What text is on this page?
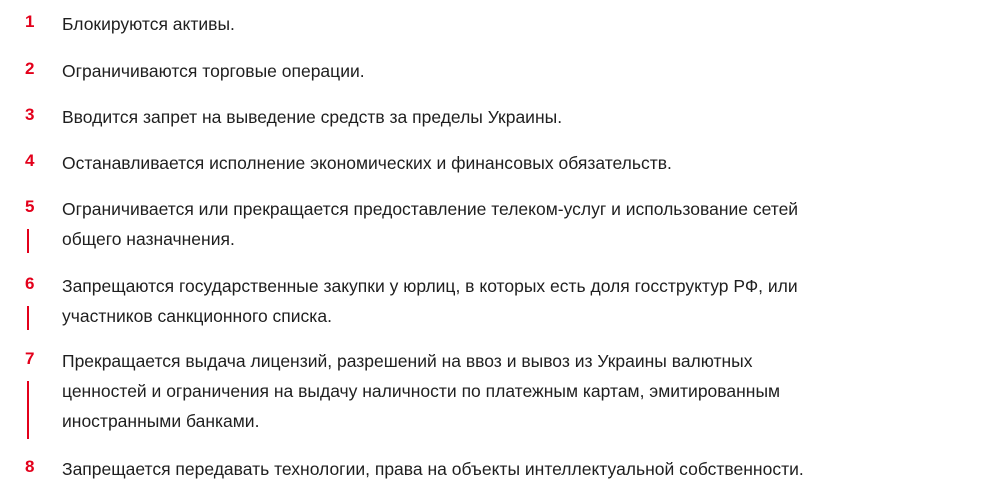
1	Блокируются активы.
2	Ограничиваются торговые операции.
3	Вводится запрет на выведение средств за пределы Украины.
4	Останавливается исполнение экономических и финансовых обязательств.
5	Ограничивается или прекращается предоставление телеком-услуг и использование сетей
общего назначнения.
6	Запрещаются государственные закупки у юрлиц, в которых есть доля госструктур РФ, или
участников санкционного списка.
7	Прекращается выдача лицензий, разрешений на ввоз и вывоз из Украины валютных
ценностей и ограничения на выдачу наличности по платежным картам, эмитированным
иностранными банками.
8	Запрещается передавать технологии, права на объекты интеллектуальной собственности.
